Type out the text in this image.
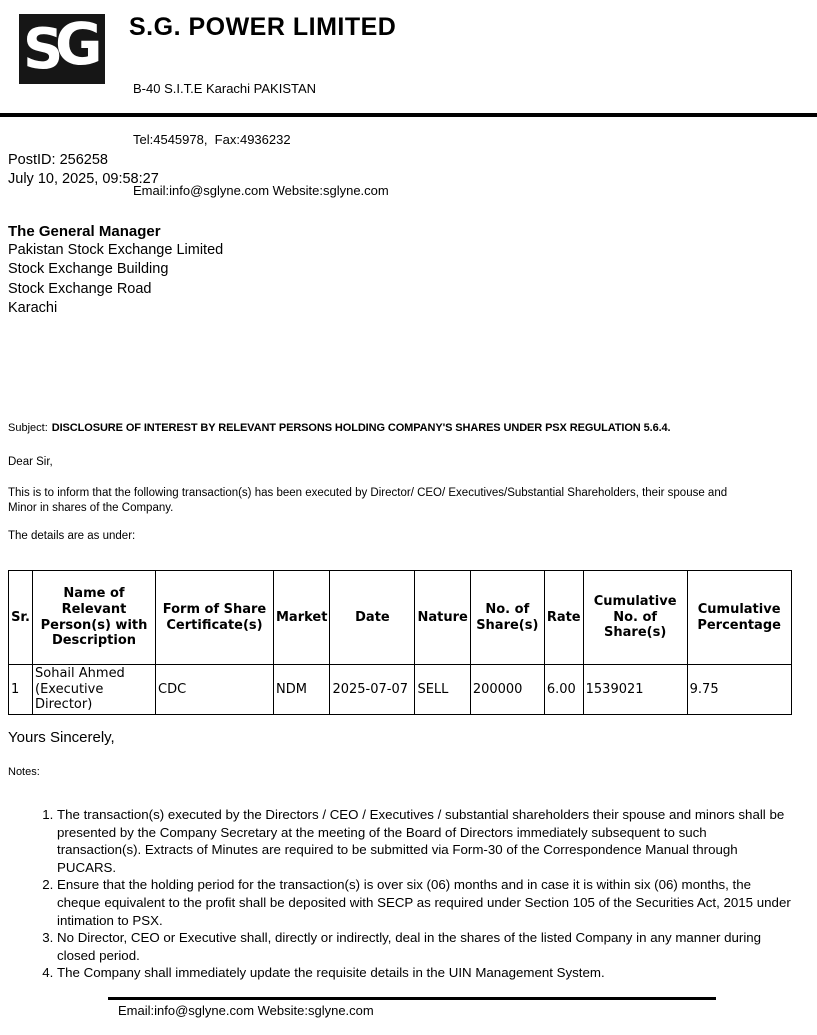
S
G S.G. POWER LIMITED

B-40 S.I.T.E Karachi PAKISTAN

Tel:4545978,  Fax:4936232

Email:info@sglyne.com Website:sglyne.com

PostID: 256258
July 10, 2025, 09:58:27
The General Manager
Pakistan Stock Exchange Limited
Stock Exchange Building
Stock Exchange Road
Karachi
Subject: DISCLOSURE OF INTEREST BY RELEVANT PERSONS HOLDING COMPANY'S SHARES UNDER PSX REGULATION 5.6.4.
Dear Sir,
This is to inform that the following transaction(s) has been executed by Director/ CEO/ Executives/Substantial Shareholders, their spouse and Minor in shares of the Company.
The details are as under:
Sr.	Name of Relevant Person(s) with Description	Form of Share Certificate(s)	Market	Date	Nature	No. of Share(s)	Rate	Cumulative No. of Share(s)	Cumulative Percentage
1	Sohail Ahmed (Executive Director)	CDC	NDM	2025-07-07	SELL	200000	6.00	1539021	9.75
Yours Sincerely,
Notes:
1. The transaction(s) executed by the Directors / CEO / Executives / substantial shareholders their spouse and minors shall be presented by the Company Secretary at the meeting of the Board of Directors immediately subsequent to such transaction(s). Extracts of Minutes are required to be submitted via Form-30 of the Correspondence Manual through PUCARS.
2. Ensure that the holding period for the transaction(s) is over six (06) months and in case it is within six (06) months, the cheque equivalent to the profit shall be deposited with SECP as required under Section 105 of the Securities Act, 2015 under intimation to PSX.
3. No Director, CEO or Executive shall, directly or indirectly, deal in the shares of the listed Company in any manner during closed period.
4. The Company shall immediately update the requisite details in the UIN Management System.
Email:info@sglyne.com Website:sglyne.com
